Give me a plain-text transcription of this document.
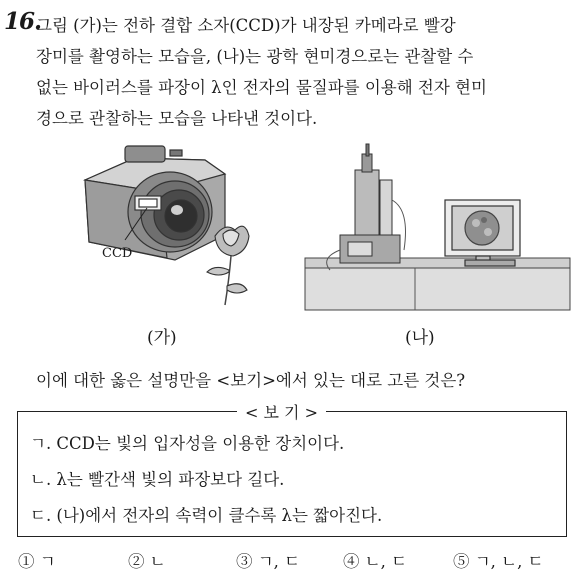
16.
그림 (가)는 전하 결합 소자(CCD)가 내장된 카메라로 빨강
장미를 촬영하는 모습을, (나)는 광학 현미경으로는 관찰할 수
없는 바이러스를 파장이 λ인 전자의 물질파를 이용해 전자 현미
경으로 관찰하는 모습을 나타낸 것이다.
CCD
(가)	(나)
이에 대한 옳은 설명만을 <보기>에서 있는 대로 고른 것은?
< 보 기 >
ㄱ. CCD는 빛의 입자성을 이용한 장치이다.
ㄴ. λ는 빨간색 빛의 파장보다 길다.
ㄷ. (나)에서 전자의 속력이 클수록 λ는 짧아진다.
① ㄱ	② ㄴ	③ ㄱ, ㄷ	④ ㄴ, ㄷ	⑤ ㄱ, ㄴ, ㄷ
